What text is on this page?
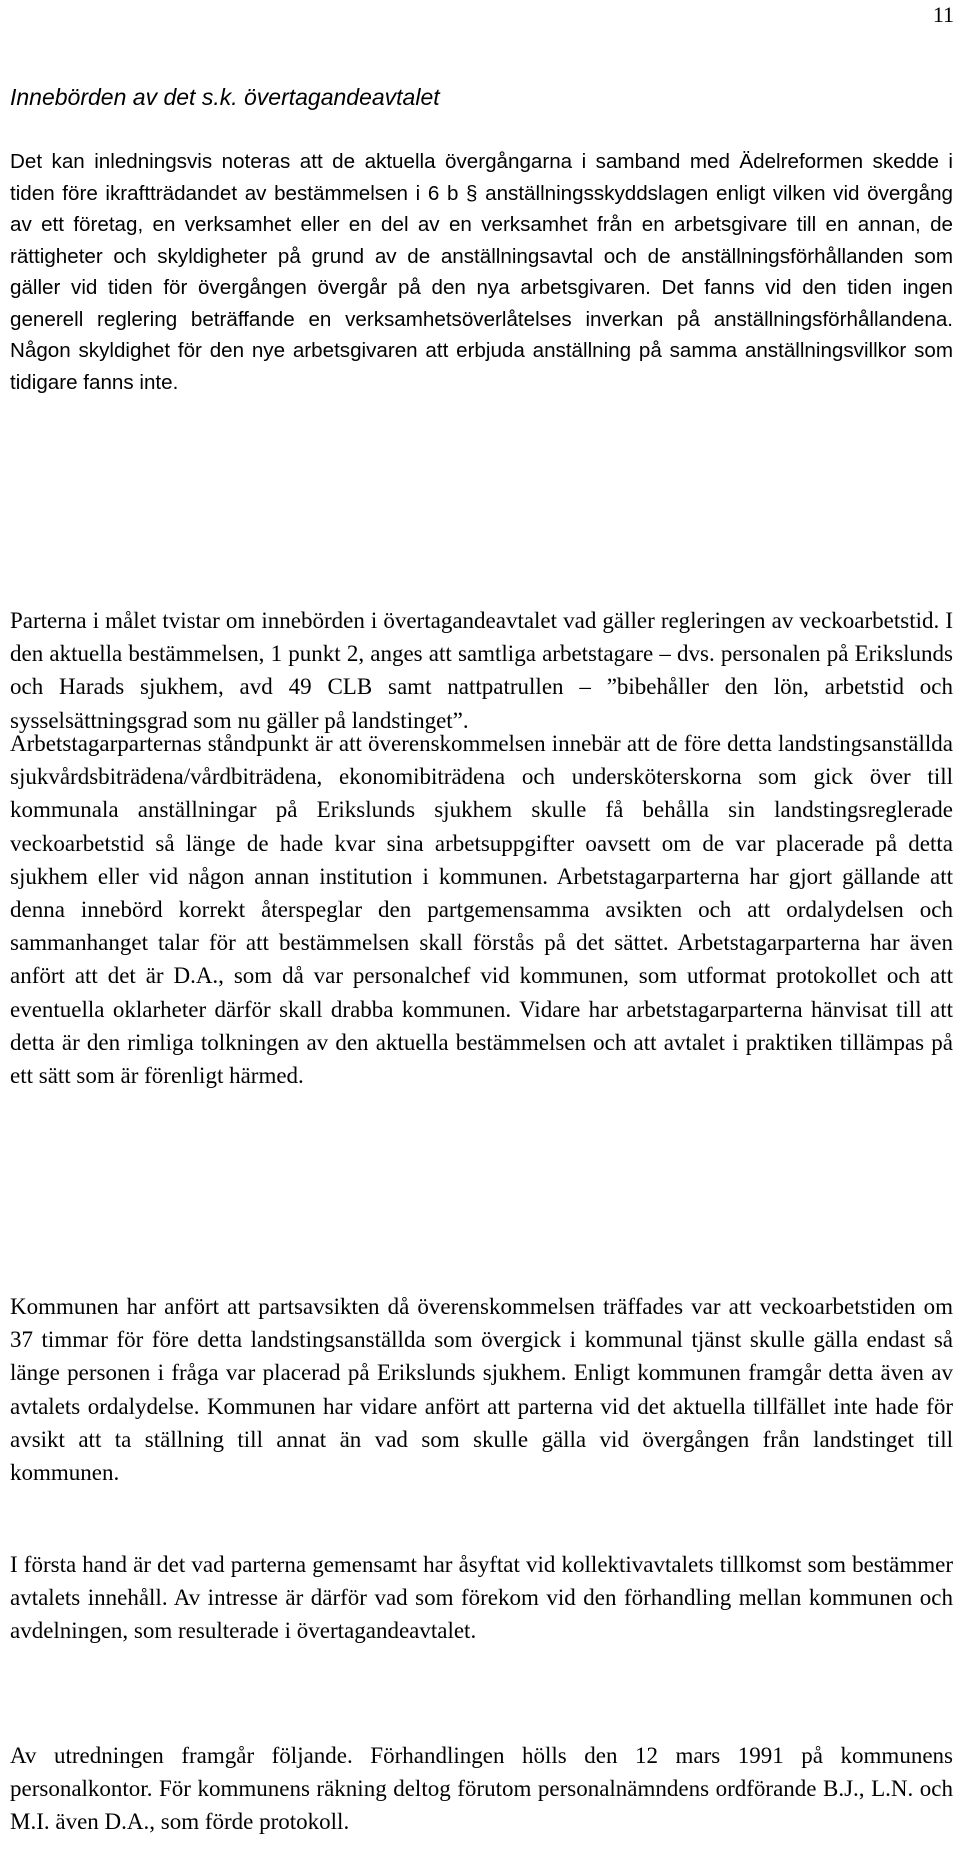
11
Innebörden av det s.k. övertagandeavtalet

Det kan inledningsvis noteras att de aktuella övergångarna i samband med Ädelreformen skedde i tiden före ikraftträdandet av bestämmelsen i 6 b § anställningsskyddslagen enligt vilken vid övergång av ett företag, en verksamhet eller en del av en verksamhet från en arbetsgivare till en annan, de rättigheter och skyldigheter på grund av de anställningsavtal och de anställningsförhållanden som gäller vid tiden för övergången övergår på den nya arbetsgivaren. Det fanns vid den tiden ingen generell reglering beträffande en verksamhetsöverlåtelses inverkan på anställningsförhållandena. Någon skyldighet för den nye arbetsgivaren att erbjuda anställning på samma anställningsvillkor som tidigare fanns inte.

Parterna i målet tvistar om innebörden i övertagandeavtalet vad gäller regleringen av veckoarbetstid. I den aktuella bestämmelsen, 1 punkt 2, anges att samtliga arbetstagare – dvs. personalen på Erikslunds och Harads sjukhem, avd 49 CLB samt nattpatrullen – ”bibehåller den lön, arbetstid och sysselsättningsgrad som nu gäller på landstinget”.

Arbetstagarparternas ståndpunkt är att överenskommelsen innebär att de före detta landstingsanställda sjukvårdsbiträdena/vårdbiträdena, ekonomibiträdena och undersköterskorna som gick över till kommunala anställningar på Erikslunds sjukhem skulle få behålla sin landstingsreglerade veckoarbetstid så länge de hade kvar sina arbetsuppgifter oavsett om de var placerade på detta sjukhem eller vid någon annan institution i kommunen. Arbetstagarparterna har gjort gällande att denna innebörd korrekt återspeglar den partgemensamma avsikten och att ordalydelsen och sammanhanget talar för att bestämmelsen skall förstås på det sättet. Arbetstagarparterna har även anfört att det är D.A., som då var personalchef vid kommunen, som utformat protokollet och att eventuella oklarheter därför skall drabba kommunen. Vidare har arbetstagarparterna hänvisat till att detta är den rimliga tolkningen av den aktuella bestämmelsen och att avtalet i praktiken tillämpas på ett sätt som är förenligt härmed.

Kommunen har anfört att partsavsikten då överenskommelsen träffades var att veckoarbetstiden om 37 timmar för före detta landstingsanställda som övergick i kommunal tjänst skulle gälla endast så länge personen i fråga var placerad på Erikslunds sjukhem. Enligt kommunen framgår detta även av avtalets ordalydelse. Kommunen har vidare anfört att parterna vid det aktuella tillfället inte hade för avsikt att ta ställning till annat än vad som skulle gälla vid övergången från landstinget till kommunen.

I första hand är det vad parterna gemensamt har åsyftat vid kollektivavtalets tillkomst som bestämmer avtalets innehåll. Av intresse är därför vad som förekom vid den förhandling mellan kommunen och avdelningen, som resulterade i övertagandeavtalet.

Av utredningen framgår följande. Förhandlingen hölls den 12 mars 1991 på kommunens personalkontor. För kommunens räkning deltog förutom personalnämndens ordförande B.J., L.N. och M.I. även D.A., som förde protokoll.
